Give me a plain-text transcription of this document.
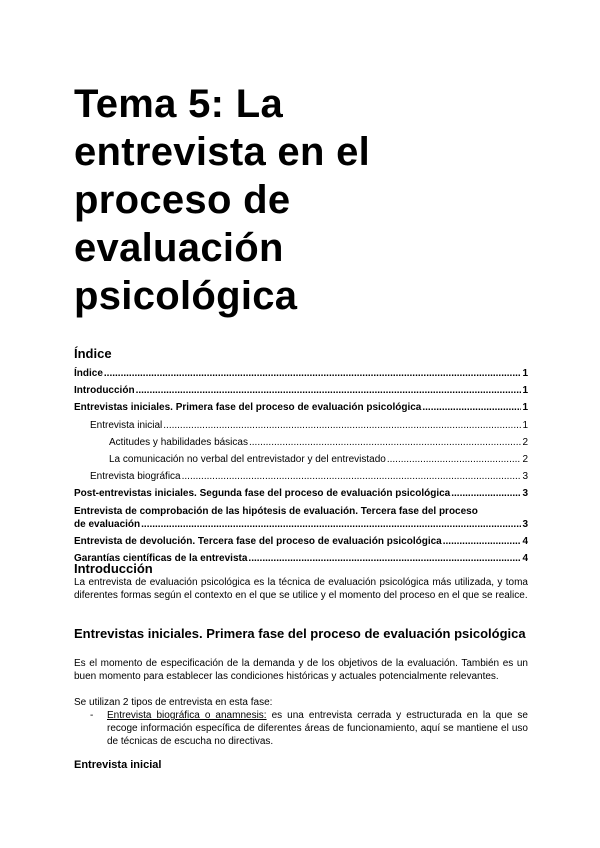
Tema 5: La
entrevista en el
proceso de
evaluación
psicológica
Índice
Índice .....	1
Introducción .....	1
Entrevistas iniciales. Primera fase del proceso de evaluación psicológica .....	1
Entrevista inicial .....	1
Actitudes y habilidades básicas .....	2
La comunicación no verbal del entrevistador y del entrevistado .....	2
Entrevista biográfica .....	3
Post-entrevistas iniciales. Segunda fase del proceso de evaluación psicológica .....	3
Entrevista de comprobación de las hipótesis de evaluación. Tercera fase del proceso
de evaluación .....	3
Entrevista de devolución. Tercera fase del proceso de evaluación psicológica .....	4
Garantías científicas de la entrevista .....	4
Introducción
La entrevista de evaluación psicológica es la técnica de evaluación psicológica más utilizada, y toma diferentes formas según el contexto en el que se utilice y el momento del proceso en el que se realice.
Entrevistas iniciales. Primera fase del proceso de evaluación psicológica
Es el momento de especificación de la demanda y de los objetivos de la evaluación. También es un buen momento para establecer las condiciones históricas y actuales potencialmente relevantes.
Se utilizan 2 tipos de entrevista en esta fase:
-	Entrevista biográfica o anamnesis: es una entrevista cerrada y estructurada en la que se recoge información específica de diferentes áreas de funcionamiento, aquí se mantiene el uso de técnicas de escucha no directivas.
Entrevista inicial
